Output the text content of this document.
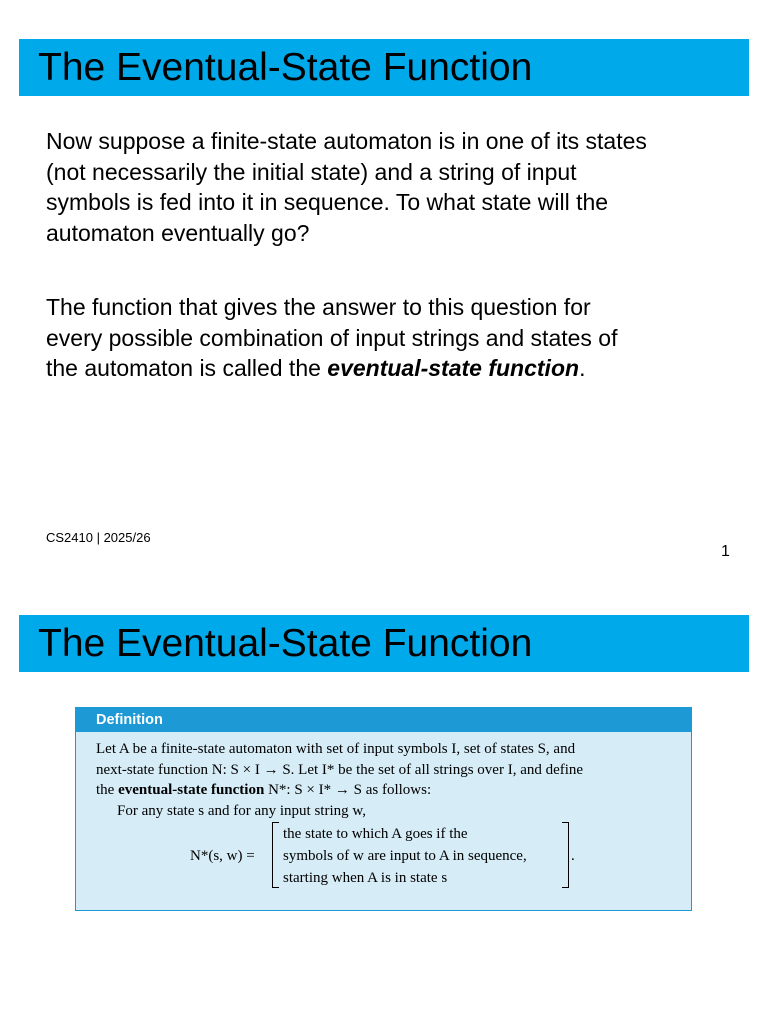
The Eventual-State Function

Now suppose a finite-state automaton is in one of its states
(not necessarily the initial state) and a string of input
symbols is fed into it in sequence. To what state will the
automaton eventually go?

The function that gives the answer to this question for
every possible combination of input strings and states of
the automaton is called the eventual-state function.

CS2410 | 2025/26
1
The Eventual-State Function
Definition
Let A be a finite-state automaton with set of input symbols I, set of states S, and
next-state function N: S × I → S. Let I* be the set of all strings over I, and define
the eventual-state function N*: S × I* → S as follows:
For any state s and for any input string w,
N*(s, w) =
the state to which A goes if the
symbols of w are input to A in sequence,
starting when A is in state s
.
